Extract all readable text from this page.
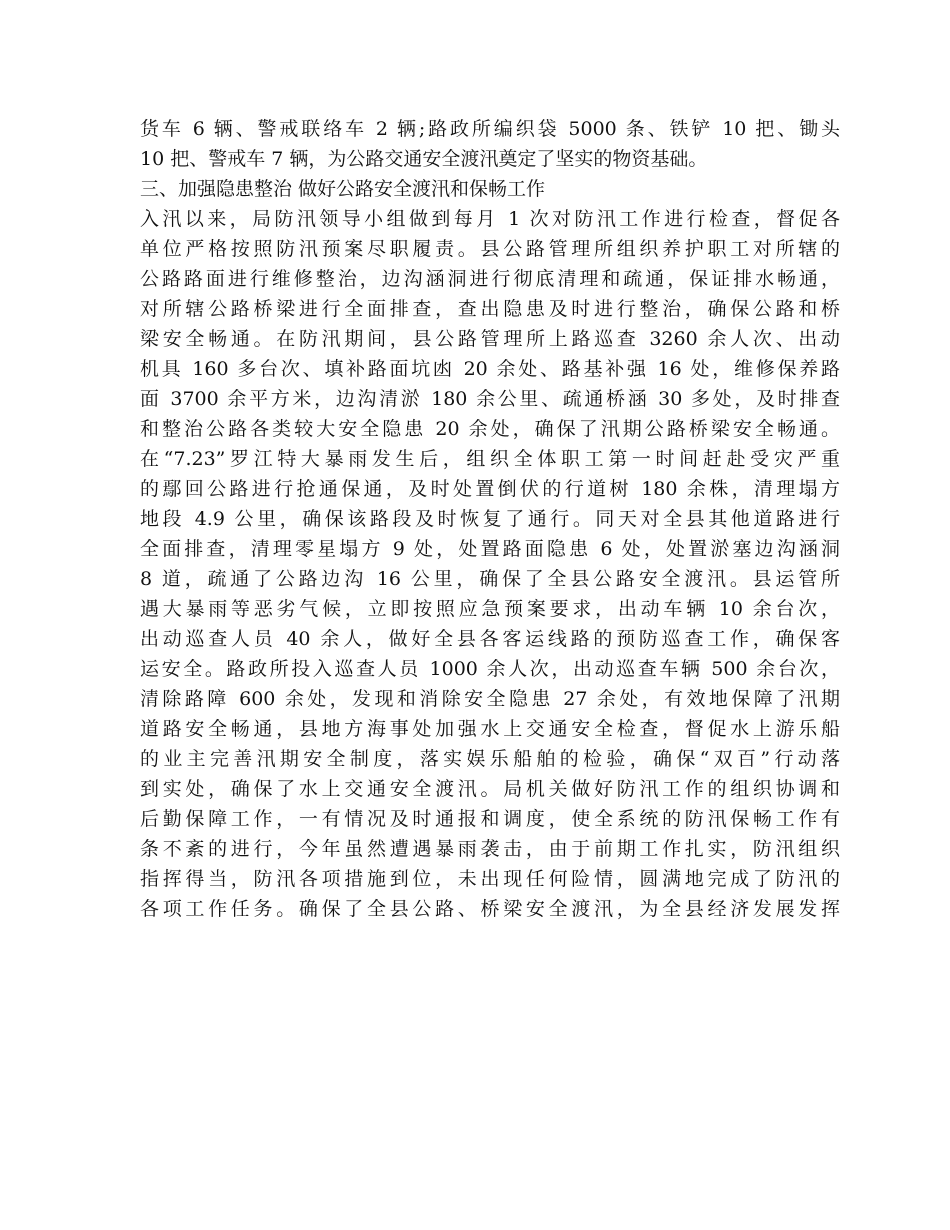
货车 6 辆、警戒联络车 2 辆;路政所编织袋 5000 条、铁铲 10 把、锄头
10 把、警戒车 7 辆，为公路交通安全渡汛奠定了坚实的物资基础。
三、加强隐患整治 做好公路安全渡汛和保畅工作
入汛以来，局防汛领导小组做到每月 1 次对防汛工作进行检查，督促各
单位严格按照防汛预案尽职履责。县公路管理所组织养护职工对所辖的
公路路面进行维修整治，边沟涵洞进行彻底清理和疏通，保证排水畅通，
对所辖公路桥梁进行全面排查，查出隐患及时进行整治，确保公路和桥
梁安全畅通。在防汛期间，县公路管理所上路巡查 3260 余人次、出动
机具 160 多台次、填补路面坑凼 20 余处、路基补强 16 处，维修保养路
面 3700 余平方米，边沟清淤 180 余公里、疏通桥涵 30 多处，及时排查
和整治公路各类较大安全隐患 20 余处，确保了汛期公路桥梁安全畅通。
在“7.23”罗江特大暴雨发生后，组织全体职工第一时间赶赴受灾严重
的鄢回公路进行抢通保通，及时处置倒伏的行道树 180 余株，清理塌方
地段 4.9 公里，确保该路段及时恢复了通行。同天对全县其他道路进行
全面排查，清理零星塌方 9 处，处置路面隐患 6 处，处置淤塞边沟涵洞
8 道，疏通了公路边沟 16 公里，确保了全县公路安全渡汛。县运管所
遇大暴雨等恶劣气候，立即按照应急预案要求，出动车辆 10 余台次，
出动巡查人员 40 余人，做好全县各客运线路的预防巡查工作，确保客
运安全。路政所投入巡查人员 1000 余人次，出动巡查车辆 500 余台次，
清除路障 600 余处，发现和消除安全隐患 27 余处，有效地保障了汛期
道路安全畅通，县地方海事处加强水上交通安全检查，督促水上游乐船
的业主完善汛期安全制度，落实娱乐船舶的检验，确保“双百”行动落
到实处，确保了水上交通安全渡汛。局机关做好防汛工作的组织协调和
后勤保障工作，一有情况及时通报和调度，使全系统的防汛保畅工作有
条不紊的进行，今年虽然遭遇暴雨袭击，由于前期工作扎实，防汛组织
指挥得当，防汛各项措施到位，未出现任何险情，圆满地完成了防汛的
各项工作任务。确保了全县公路、桥梁安全渡汛，为全县经济发展发挥
